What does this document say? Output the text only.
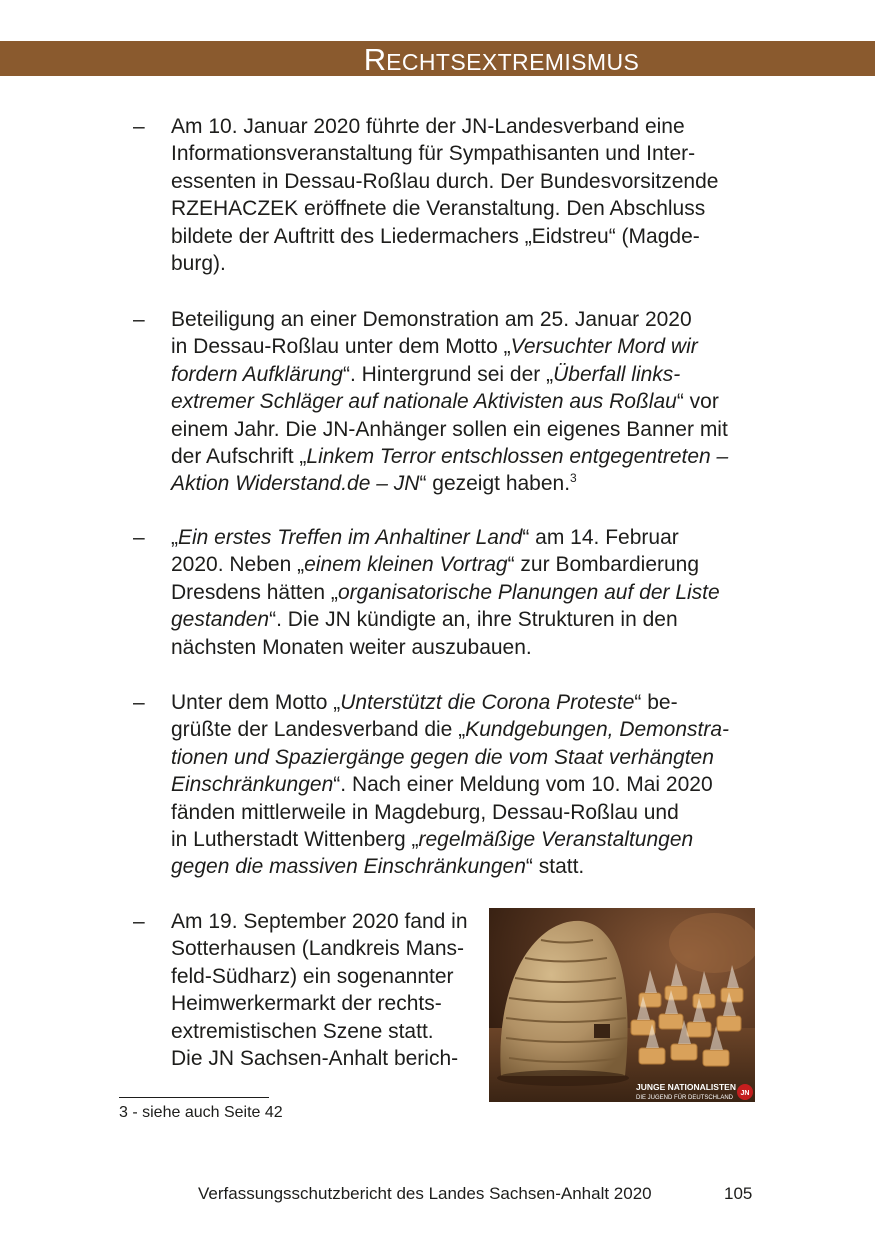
RECHTSEXTREMISMUS
– Am 10. Januar 2020 führte der JN-Landesverband eine
Informationsveranstaltung für Sympathisanten und Inter-
essenten in Dessau-Roßlau durch. Der Bundesvorsitzende
RZEHACZEK eröffnete die Veranstaltung. Den Abschluss
bildete der Auftritt des Liedermachers „Eidstreu“ (Magde-
burg).
– Beteiligung an einer Demonstration am 25. Januar 2020
in Dessau-Roßlau unter dem Motto „Versuchter Mord wir
fordern Aufklärung“. Hintergrund sei der „Überfall links-
extremer Schläger auf nationale Aktivisten aus Roßlau“ vor
einem Jahr. Die JN-Anhänger sollen ein eigenes Banner mit
der Aufschrift „Linkem Terror entschlossen entgegentreten –
Aktion Widerstand.de – JN“ gezeigt haben.$^3$
– „Ein erstes Treffen im Anhaltiner Land“ am 14. Februar
2020. Neben „einem kleinen Vortrag“ zur Bombardierung
Dresdens hätten „organisatorische Planungen auf der Liste
gestanden“. Die JN kündigte an, ihre Strukturen in den
nächsten Monaten weiter auszubauen.
– Unter dem Motto „Unterstützt die Corona Proteste“ be-
grüßte der Landesverband die „Kundgebungen, Demonstra-
tionen und Spaziergänge gegen die vom Staat verhängten
Einschränkungen“. Nach einer Meldung vom 10. Mai 2020
fänden mittlerweile in Magdeburg, Dessau-Roßlau und
in Lutherstadt Wittenberg „regelmäßige Veranstaltungen
gegen die massiven Einschränkungen“ statt.
– Am 19. September 2020 fand in
Sotterhausen (Landkreis Mans-
feld-Südharz) ein sogenannter
Heimwerkermarkt der rechts-
extremistischen Szene statt.
Die JN Sachsen-Anhalt berich-
JUNGE NATIONALISTEN
DIE JUGEND FÜR DEUTSCHLAND
JN
3 - siehe auch Seite 42
Verfassungsschutzbericht des Landes Sachsen-Anhalt 2020	105
